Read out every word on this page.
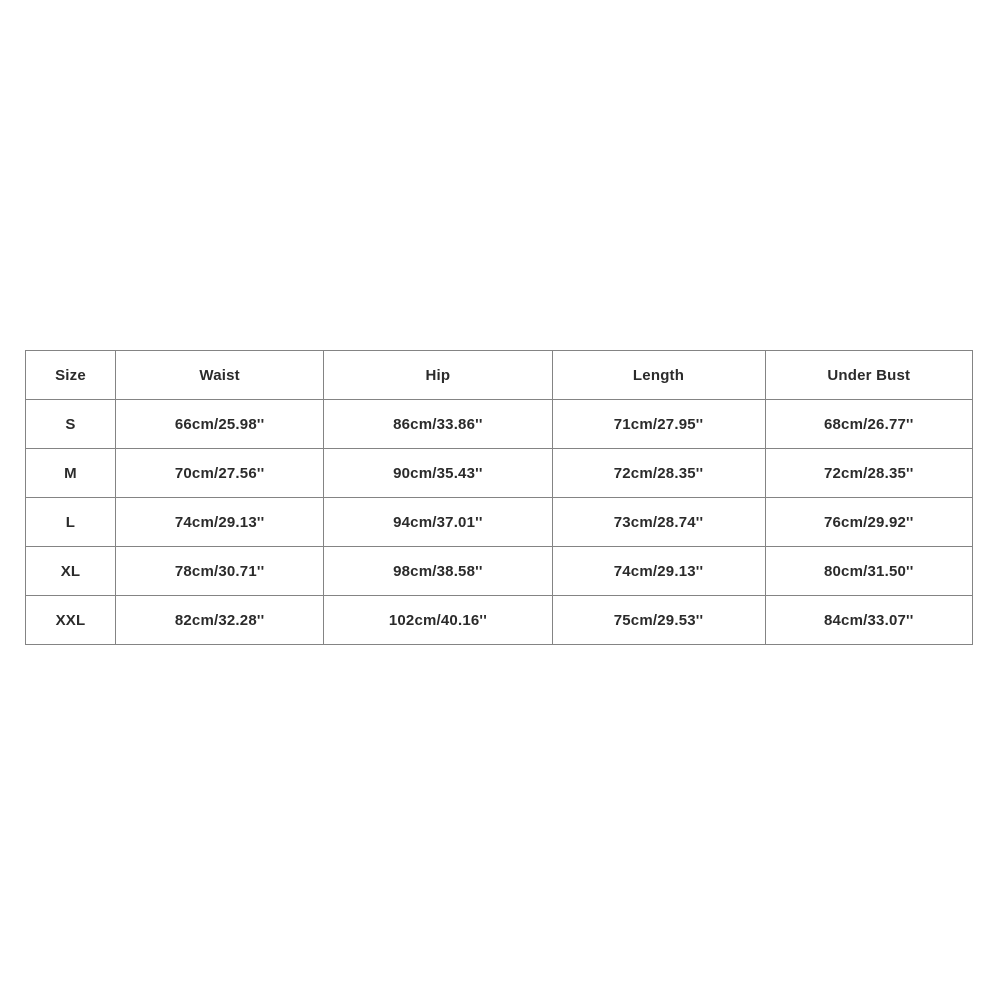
Size	Waist	Hip	Length	Under Bust
S	66cm/25.98''	86cm/33.86''	71cm/27.95''	68cm/26.77''
M	70cm/27.56''	90cm/35.43''	72cm/28.35''	72cm/28.35''
L	74cm/29.13''	94cm/37.01''	73cm/28.74''	76cm/29.92''
XL	78cm/30.71''	98cm/38.58''	74cm/29.13''	80cm/31.50''
XXL	82cm/32.28''	102cm/40.16''	75cm/29.53''	84cm/33.07''
